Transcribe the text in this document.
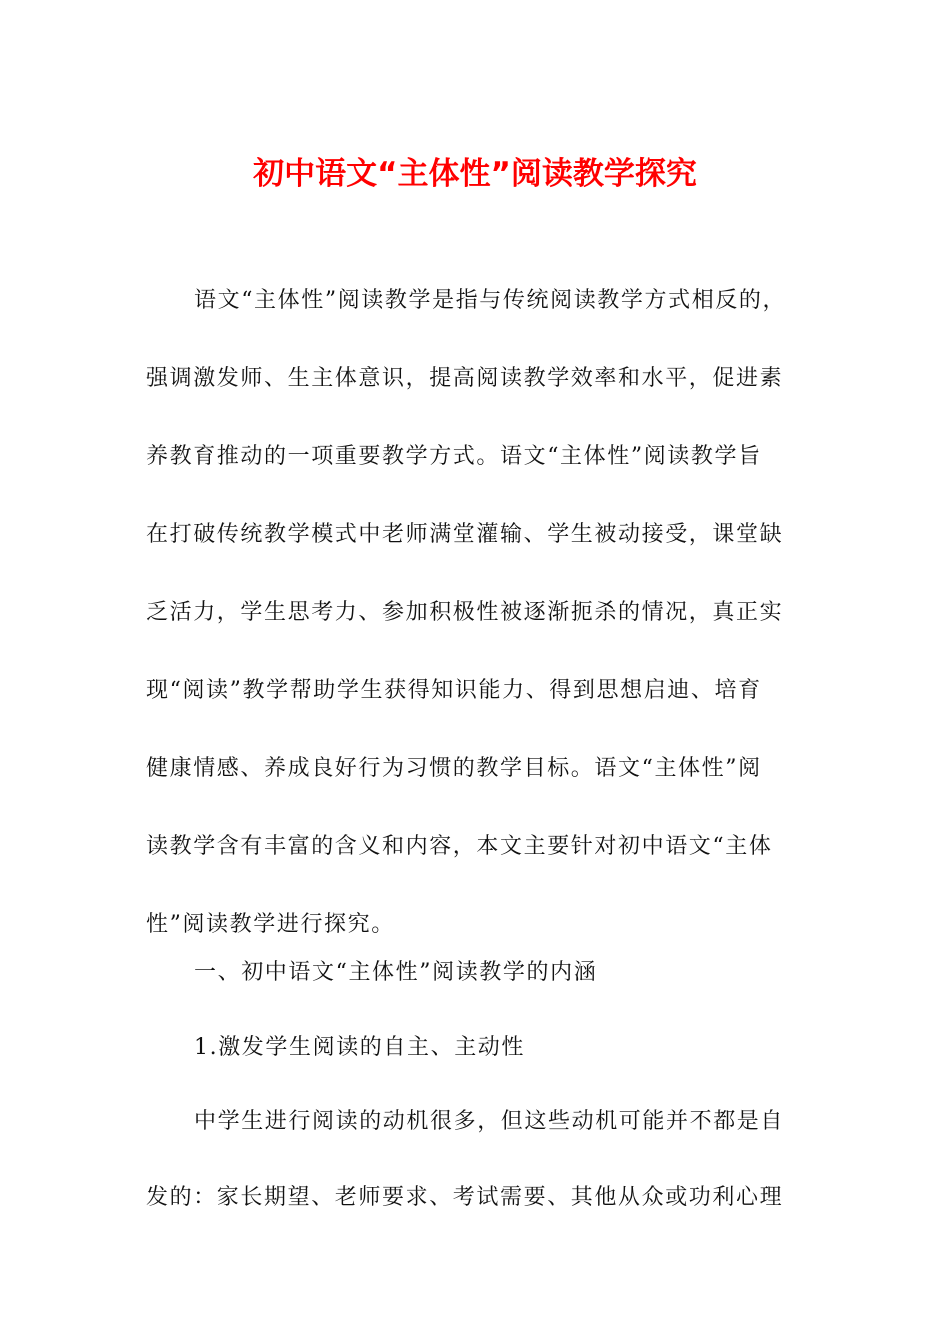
初中语文“主体性”阅读教学探究
语文“主体性”阅读教学是指与传统阅读教学方式相反的，
强调激发师、生主体意识，提高阅读教学效率和水平，促进素
养教育推动的一项重要教学方式。语文“主体性”阅读教学旨
在打破传统教学模式中老师满堂灌输、学生被动接受，课堂缺
乏活力，学生思考力、参加积极性被逐渐扼杀的情况，真正实
现“阅读”教学帮助学生获得知识能力、得到思想启迪、培育
健康情感、养成良好行为习惯的教学目标。语文“主体性”阅
读教学含有丰富的含义和内容，本文主要针对初中语文“主体
性”阅读教学进行探究。
一、初中语文“主体性”阅读教学的内涵
1.激发学生阅读的自主、主动性
中学生进行阅读的动机很多，但这些动机可能并不都是自
发的：家长期望、老师要求、考试需要、其他从众或功利心理
